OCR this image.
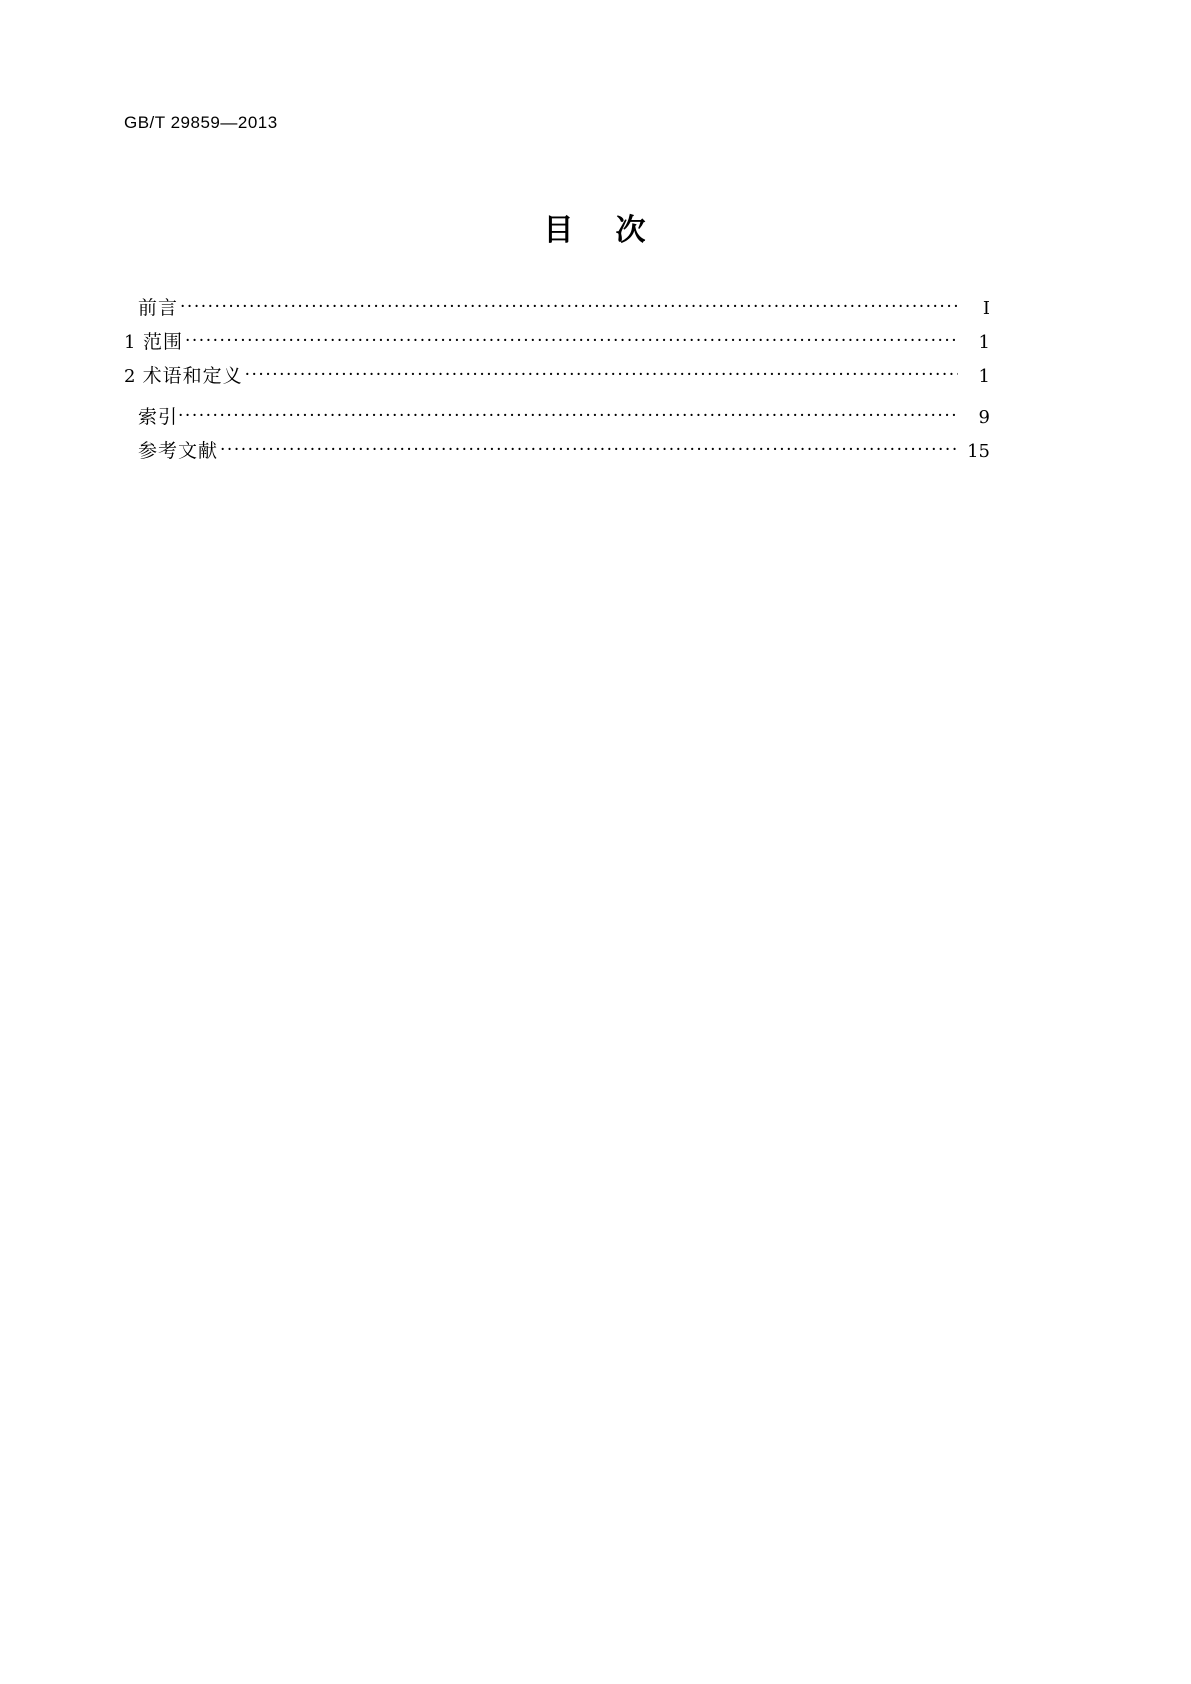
GB/T 29859—2013
目 次
前言 ·····	Ⅰ
1 范围 ·····	1
2 术语和定义 ·····	1
索引 ·····	9
参考文献 ·····	15
